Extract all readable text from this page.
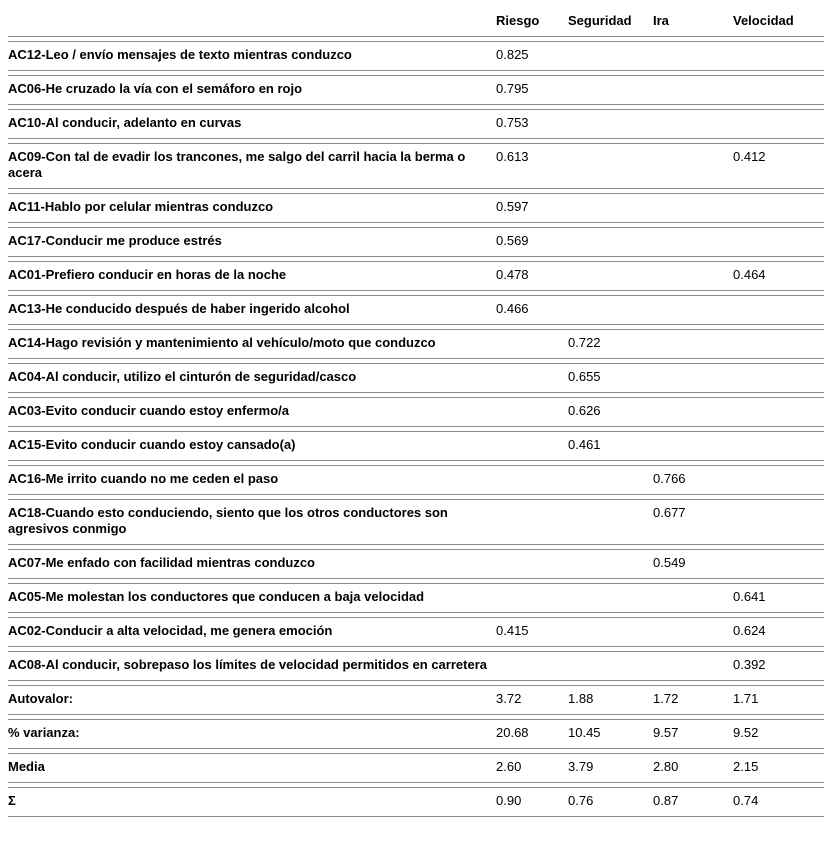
	Riesgo	Seguridad	Ira	Velocidad
AC12-Leo / envío mensajes de texto mientras conduzco	0.825			
AC06-He cruzado la vía con el semáforo en rojo	0.795			
AC10-Al conducir, adelanto en curvas	0.753			
AC09-Con tal de evadir los trancones, me salgo del carril hacia la berma o acera	0.613			0.412
AC11-Hablo por celular mientras conduzco	0.597			
AC17-Conducir me produce estrés	0.569			
AC01-Prefiero conducir en horas de la noche	0.478			0.464
AC13-He conducido después de haber ingerido alcohol	0.466			
AC14-Hago revisión y mantenimiento al vehículo/moto que conduzco		0.722		
AC04-Al conducir, utilizo el cinturón de seguridad/casco		0.655		
AC03-Evito conducir cuando estoy enfermo/a		0.626		
AC15-Evito conducir cuando estoy cansado(a)		0.461		
AC16-Me irrito cuando no me ceden el paso			0.766	
AC18-Cuando esto conduciendo, siento que los otros conductores son agresivos conmigo			0.677	
AC07-Me enfado con facilidad mientras conduzco			0.549	
AC05-Me molestan los conductores que conducen a baja velocidad				0.641
AC02-Conducir a alta velocidad, me genera emoción	0.415			0.624
AC08-Al conducir, sobrepaso los límites de velocidad permitidos en carretera				0.392
Autovalor:	3.72	1.88	1.72	1.71
% varianza:	20.68	10.45	9.57	9.52
Media	2.60	3.79	2.80	2.15
Σ	0.90	0.76	0.87	0.74
